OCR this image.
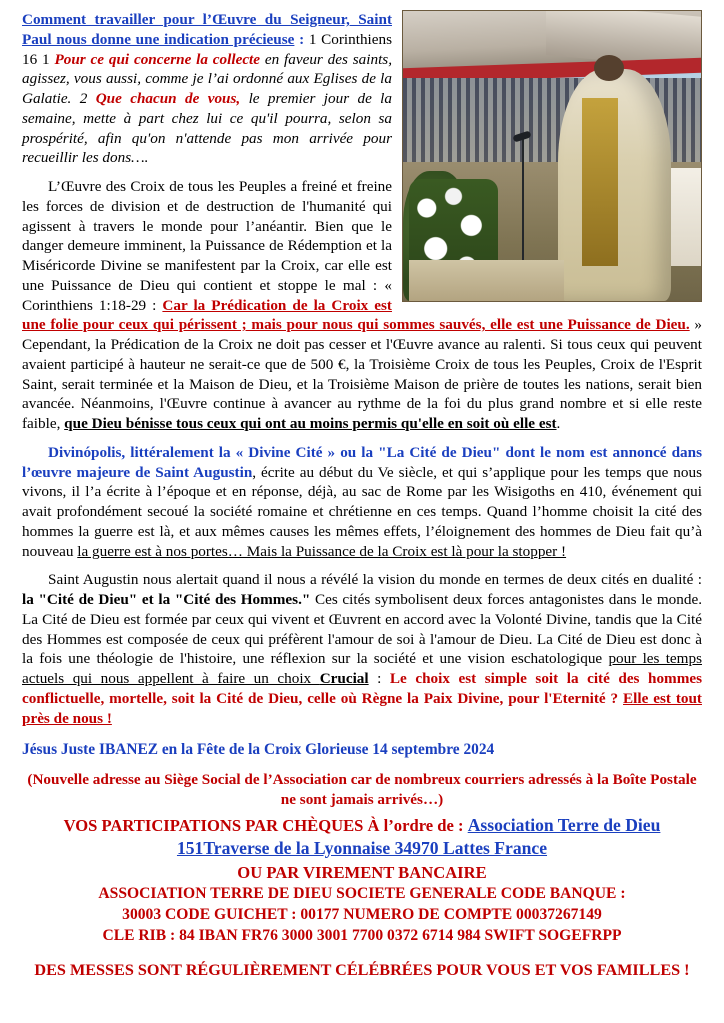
Comment travailler pour l’Œuvre du Seigneur, Saint Paul nous donne une indication précieuse : 1 Corinthiens 16 1 Pour ce qui concerne la collecte en faveur des saints, agissez, vous aussi, comme je l’ai ordonné aux Eglises de la Galatie. 2 Que chacun de vous, le premier jour de la semaine, mette à part chez lui ce qu'il pourra, selon sa prospérité, afin qu'on n'attende pas mon arrivée pour recueillir les dons….

L’Œuvre des Croix de tous les Peuples a freiné et freine les forces de division et de destruction de l'humanité qui agissent à travers le monde pour l’anéantir. Bien que le danger demeure imminent, la Puissance de Rédemption et la Miséricorde Divine se manifestent par la Croix, car elle est une Puissance de Dieu qui contient et stoppe le mal : « Corinthiens 1:18-29 : Car la Prédication de la Croix est une folie pour ceux qui périssent ; mais pour nous qui sommes sauvés, elle est une Puissance de Dieu. » Cependant, la Prédication de la Croix ne doit pas cesser et l'Œuvre avance au ralenti. Si tous ceux qui peuvent avaient participé à hauteur ne serait-ce que de 500 €, la Troisième Croix de tous les Peuples, Croix de l'Esprit Saint, serait terminée et la Maison de Dieu, et la Troisième Maison de prière de toutes les nations, serait bien avancée. Néanmoins, l'Œuvre continue à avancer au rythme de la foi du plus grand nombre et si elle reste faible, que Dieu bénisse tous ceux qui ont au moins permis qu'elle en soit où elle est.

Divinópolis, littéralement la « Divine Cité » ou la "La Cité de Dieu" dont le nom est annoncé dans l’œuvre majeure de Saint Augustin, écrite au début du Ve siècle, et qui s’applique pour les temps que nous vivons, il l’a écrite à l’époque et en réponse, déjà, au sac de Rome par les Wisigoths en 410, événement qui avait profondément secoué la société romaine et chrétienne en ces temps. Quand l’homme choisit la cité des hommes la guerre est là, et aux mêmes causes les mêmes effets, l’éloignement des hommes de Dieu fait qu’à nouveau la guerre est à nos portes… Mais la Puissance de la Croix est là pour la stopper !

Saint Augustin nous alertait quand il nous a révélé la vision du monde en termes de deux cités en dualité : la "Cité de Dieu" et la "Cité des Hommes." Ces cités symbolisent deux forces antagonistes dans le monde. La Cité de Dieu est formée par ceux qui vivent et Œuvrent en accord avec la Volonté Divine, tandis que la Cité des Hommes est composée de ceux qui préfèrent l'amour de soi à l'amour de Dieu. La Cité de Dieu est donc à la fois une théologie de l'histoire, une réflexion sur la société et une vision eschatologique pour les temps actuels qui nous appellent à faire un choix Crucial : Le choix est simple soit la cité des hommes conflictuelle, mortelle, soit la Cité de Dieu, celle où Règne la Paix Divine, pour l'Eternité ? Elle est tout près de nous !

Jésus Juste IBANEZ en la Fête de la Croix Glorieuse 14 septembre 2024

(Nouvelle adresse au Siège Social de l’Association car de nombreux courriers adressés à la Boîte Postale ne sont jamais arrivés…)

VOS PARTICIPATIONS PAR CHÈQUES À l’ordre de : Association Terre de Dieu

151Traverse de la Lyonnaise 34970 Lattes France

OU PAR VIREMENT BANCAIRE

ASSOCIATION TERRE DE DIEU SOCIETE GENERALE CODE BANQUE :

30003 CODE GUICHET : 00177 NUMERO DE COMPTE 00037267149

CLE RIB : 84 IBAN FR76 3000 3001 7700 0372 6714 984 SWIFT SOGEFRPP

DES MESSES SONT RÉGULIÈREMENT CÉLÉBRÉES POUR VOUS ET VOS FAMILLES !
